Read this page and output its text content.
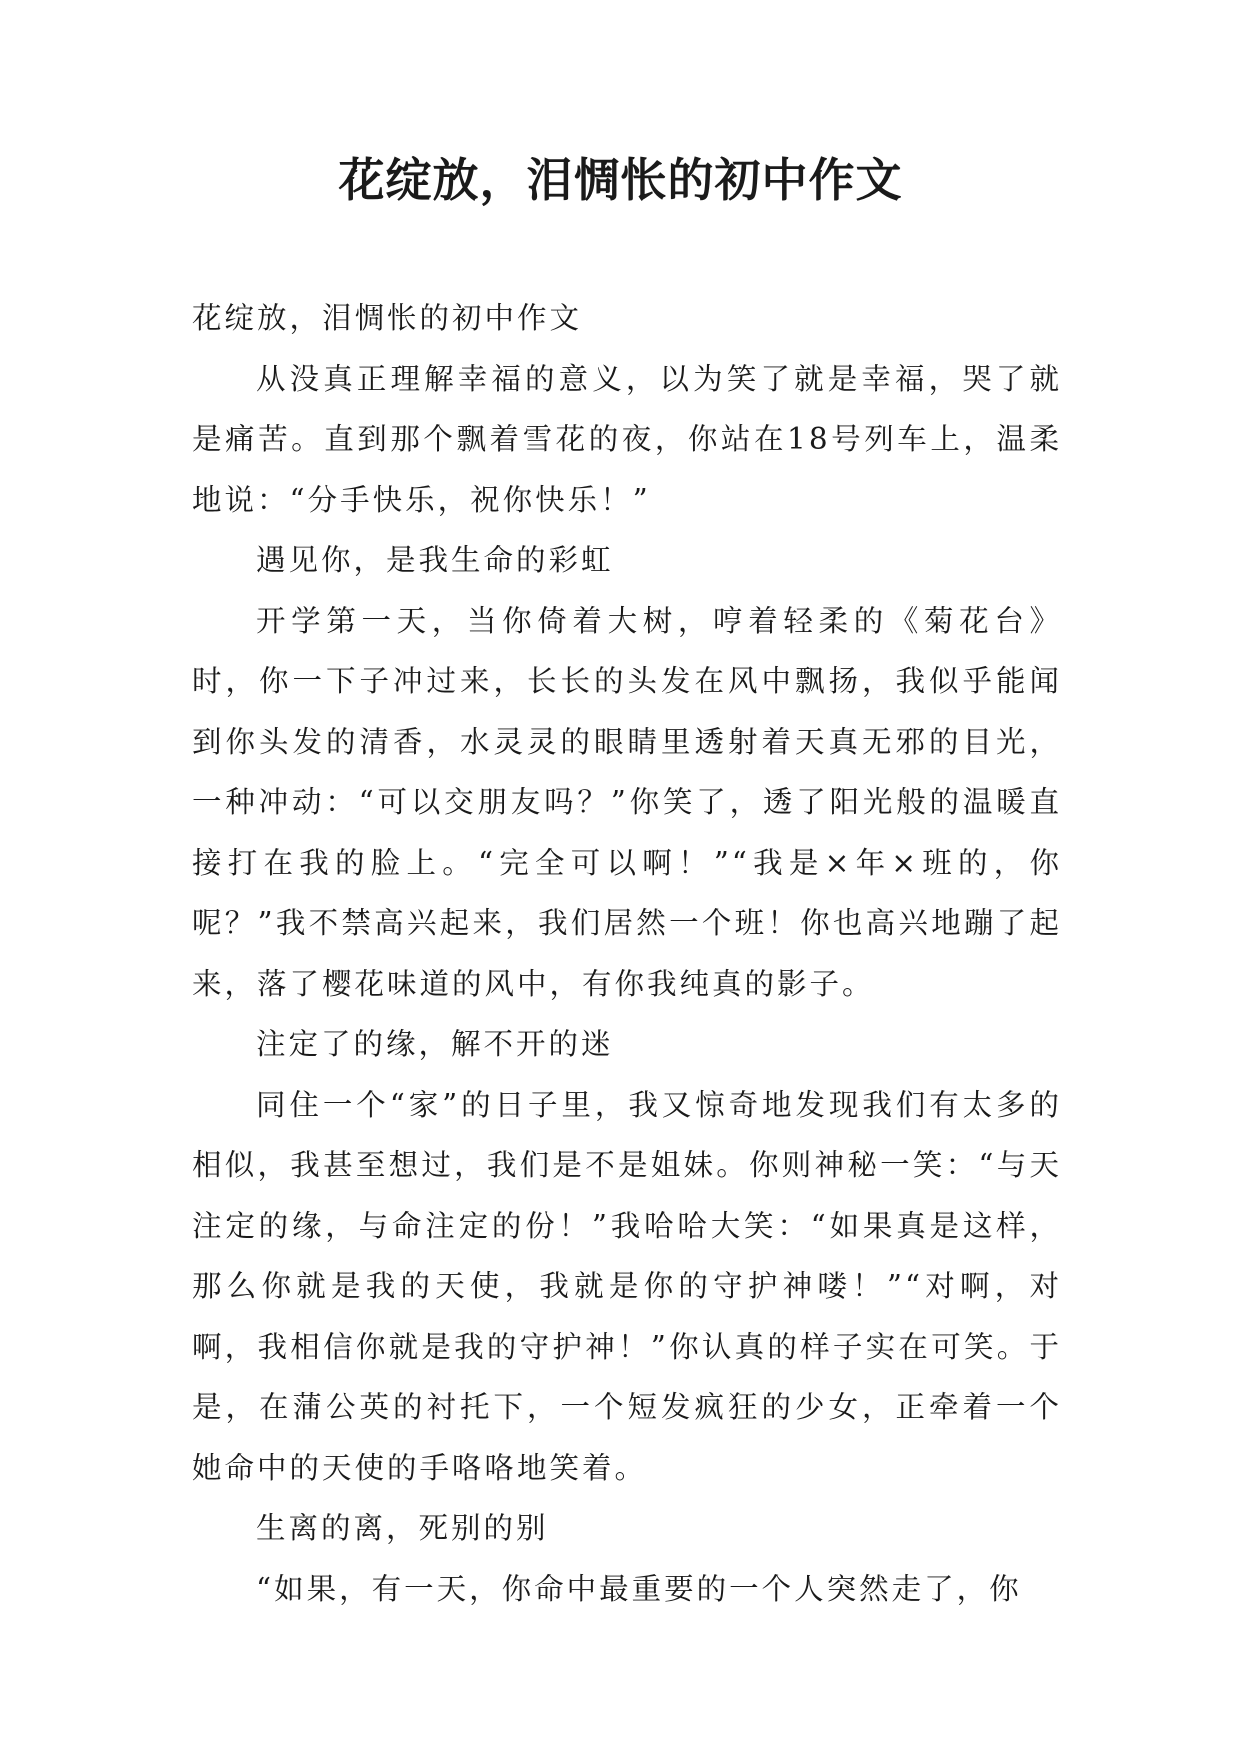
花绽放，泪惆怅的初中作文

花绽放，泪惆怅的初中作文

从没真正理解幸福的意义，以为笑了就是幸福，哭了就是痛苦。直到那个飘着雪花的夜，你站在18号列车上，温柔地说：“分手快乐，祝你快乐！”

遇见你，是我生命的彩虹

开学第一天，当你倚着大树，哼着轻柔的《菊花台》时，你一下子冲过来，长长的头发在风中飘扬，我似乎能闻到你头发的清香，水灵灵的眼睛里透射着天真无邪的目光，一种冲动：“可以交朋友吗？”你笑了，透了阳光般的温暖直接打在我的脸上。“完全可以啊！”“我是×年×班的，你呢？”我不禁高兴起来，我们居然一个班！你也高兴地蹦了起来，落了樱花味道的风中，有你我纯真的影子。

注定了的缘，解不开的迷

同住一个“家”的日子里，我又惊奇地发现我们有太多的相似，我甚至想过，我们是不是姐妹。你则神秘一笑：“与天注定的缘，与命注定的份！”我哈哈大笑：“如果真是这样，那么你就是我的天使，我就是你的守护神喽！”“对啊，对啊，我相信你就是我的守护神！”你认真的样子实在可笑。于是，在蒲公英的衬托下，一个短发疯狂的少女，正牵着一个她命中的天使的手咯咯地笑着。

生离的离，死别的别

“如果，有一天，你命中最重要的一个人突然走了，你
